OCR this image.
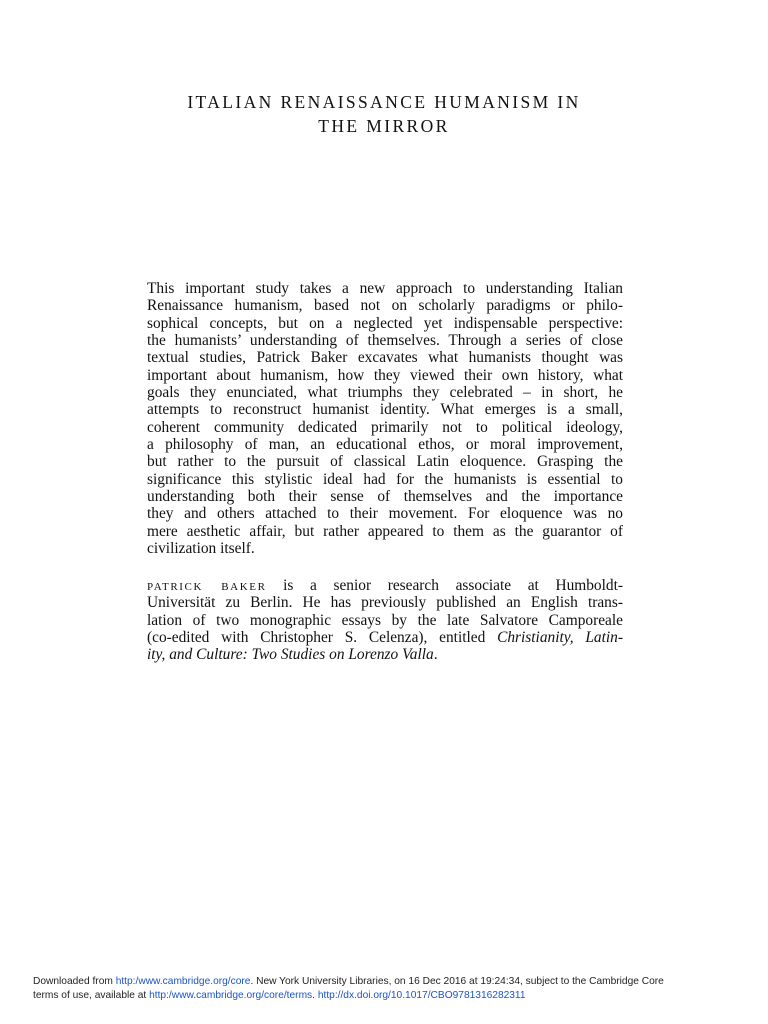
ITALIAN RENAISSANCE HUMANISM IN
THE MIRROR
This important study takes a new approach to understanding Italian
Renaissance humanism, based not on scholarly paradigms or philo-
sophical concepts, but on a neglected yet indispensable perspective:
the humanists’ understanding of themselves. Through a series of close
textual studies, Patrick Baker excavates what humanists thought was
important about humanism, how they viewed their own history, what
goals they enunciated, what triumphs they celebrated – in short, he
attempts to reconstruct humanist identity. What emerges is a small,
coherent community dedicated primarily not to political ideology,
a philosophy of man, an educational ethos, or moral improvement,
but rather to the pursuit of classical Latin eloquence. Grasping the
significance this stylistic ideal had for the humanists is essential to
understanding both their sense of themselves and the importance
they and others attached to their movement. For eloquence was no
mere aesthetic affair, but rather appeared to them as the guarantor of
civilization itself.
patrick baker is a senior research associate at Humboldt-
Universität zu Berlin. He has previously published an English trans-
lation of two monographic essays by the late Salvatore Camporeale
(co-edited with Christopher S. Celenza), entitled Christianity, Latin-
ity, and Culture: Two Studies on Lorenzo Valla.
Downloaded from http:/www.cambridge.org/core. New York University Libraries, on 16 Dec 2016 at 19:24:34, subject to the Cambridge Core
terms of use, available at http:/www.cambridge.org/core/terms. http://dx.doi.org/10.1017/CBO9781316282311
